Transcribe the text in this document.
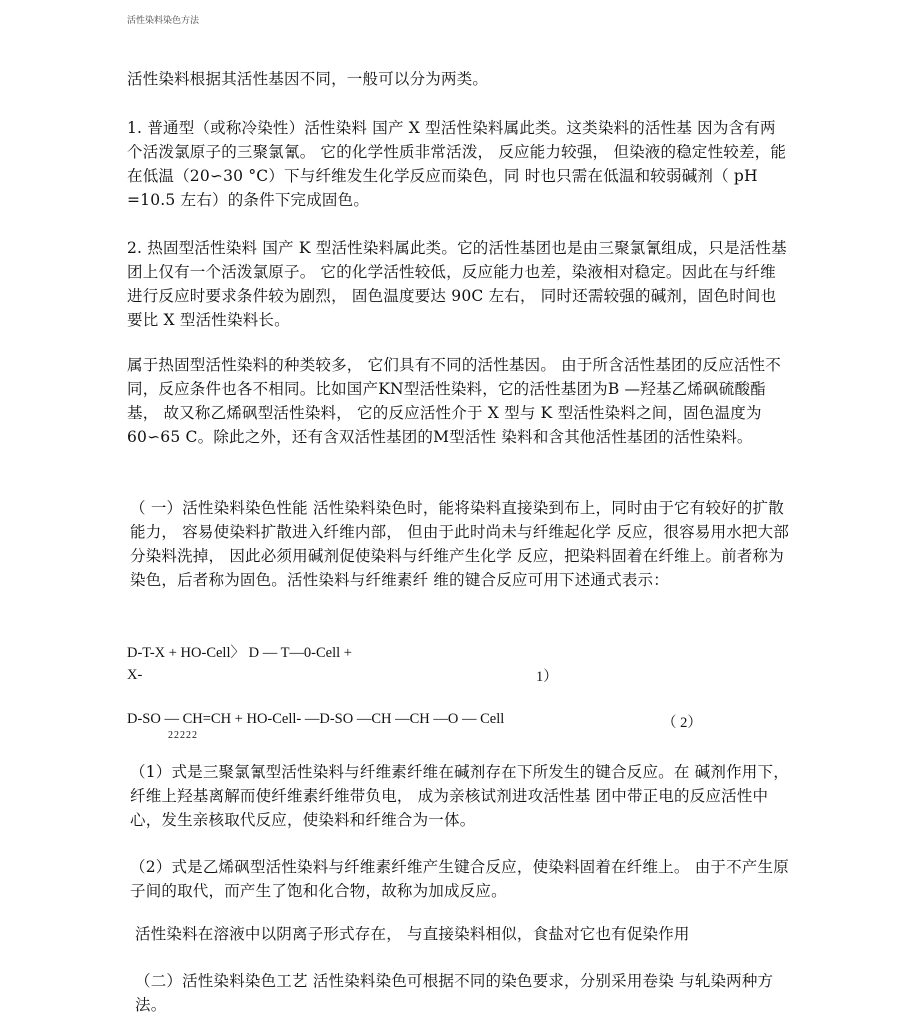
活性染料染色方法

活性染料根据其活性基因不同，一般可以分为两类。

1. 普通型（或称冷染性）活性染料 国产 X 型活性染料属此类。这类染料的活性基 因为含有两个活泼氯原子的三聚氯氰。 它的化学性质非常活泼， 反应能力较强， 但染液的稳定性较差，能在低温（20∽30 °C）下与纤维发生化学反应而染色，同 时也只需在低温和较弱碱剂（ pH =10.5 左右）的条件下完成固色。

2. 热固型活性染料 国产 K 型活性染料属此类。它的活性基团也是由三聚氯氰组成，只是活性基团上仅有一个活泼氯原子。 它的化学活性较低，反应能力也差，染液相对稳定。因此在与纤维进行反应时要求条件较为剧烈， 固色温度要达 90C 左右， 同时还需较强的碱剂，固色时间也要比 X 型活性染料长。

属于热固型活性染料的种类较多， 它们具有不同的活性基因。 由于所含活性基团的反应活性不同，反应条件也各不相同。比如国产KN型活性染料，它的活性基团为B —羟基乙烯砜硫酸酯基， 故又称乙烯砜型活性染料， 它的反应活性介于 X 型与 K 型活性染料之间，固色温度为60∽65 C。除此之外，还有含双活性基团的M型活性 染料和含其他活性基团的活性染料。

（ 一）活性染料染色性能 活性染料染色时，能将染料直接染到布上，同时由于它有较好的扩散能力， 容易使染料扩散进入纤维内部， 但由于此时尚未与纤维起化学 反应，很容易用水把大部分染料洗掉， 因此必须用碱剂促使染料与纤维产生化学 反应，把染料固着在纤维上。前者称为染色，后者称为固色。活性染料与纤维素纤 维的键合反应可用下述通式表示：

D-T-X + HO-Cell〉 D — T—0-Cell +
X-	1）
D-SO — CH=CH + HO-Cell- —D-SO —CH —CH —O — Cell
22222
（ 2）

（1）式是三聚氯氰型活性染料与纤维素纤维在碱剂存在下所发生的键合反应。在 碱剂作用下，纤维上羟基离解而使纤维素纤维带负电， 成为亲核试剂进攻活性基 团中带正电的反应活性中心，发生亲核取代反应，使染料和纤维合为一体。

（2）式是乙烯砜型活性染料与纤维素纤维产生键合反应，使染料固着在纤维上。 由于不产生原子间的取代，而产生了饱和化合物，故称为加成反应。

活性染料在溶液中以阴离子形式存在， 与直接染料相似，食盐对它也有促染作用

（二）活性染料染色工艺 活性染料染色可根据不同的染色要求，分别采用卷染 与轧染两种方法。
